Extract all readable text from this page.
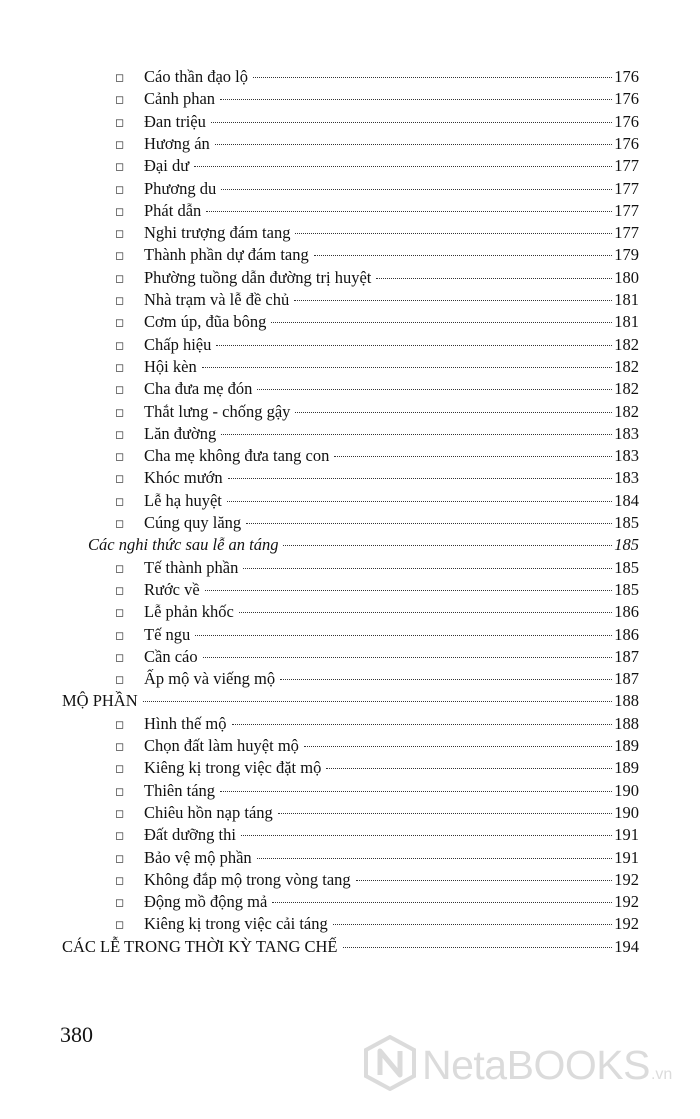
◻	Cáo thần đạo lộ	176
◻	Cảnh phan	176
◻	Đan triệu	176
◻	Hương án	176
◻	Đại dư	177
◻	Phương du	177
◻	Phát dẫn	177
◻	Nghi trượng đám tang	177
◻	Thành phần dự đám tang	179
◻	Phường tuồng dẫn đường trị huyệt	180
◻	Nhà trạm và lễ đề chủ	181
◻	Cơm úp, đũa bông	181
◻	Chấp hiệu	182
◻	Hội kèn	182
◻	Cha đưa mẹ đón	182
◻	Thắt lưng - chống gậy	182
◻	Lăn đường	183
◻	Cha mẹ không đưa tang con	183
◻	Khóc mướn	183
◻	Lễ hạ huyệt	184
◻	Cúng quy lăng	185
Các nghi thức sau lễ an táng	185
◻	Tế thành phần	185
◻	Rước về	185
◻	Lễ phản khốc	186
◻	Tế ngu	186
◻	Cần cáo	187
◻	Ấp mộ và viếng mộ	187
MỘ PHẦN	188
◻	Hình thế mộ	188
◻	Chọn đất làm huyệt mộ	189
◻	Kiêng kị trong việc đặt mộ	189
◻	Thiên táng	190
◻	Chiêu hồn nạp táng	190
◻	Đất dưỡng thi	191
◻	Bảo vệ mộ phần	191
◻	Không đắp mộ trong vòng tang	192
◻	Động mồ động mả	192
◻	Kiêng kị trong việc cải táng	192
CÁC LỄ TRONG THỜI KỲ TANG CHẾ	194
380
NetaBOOKS .vn
